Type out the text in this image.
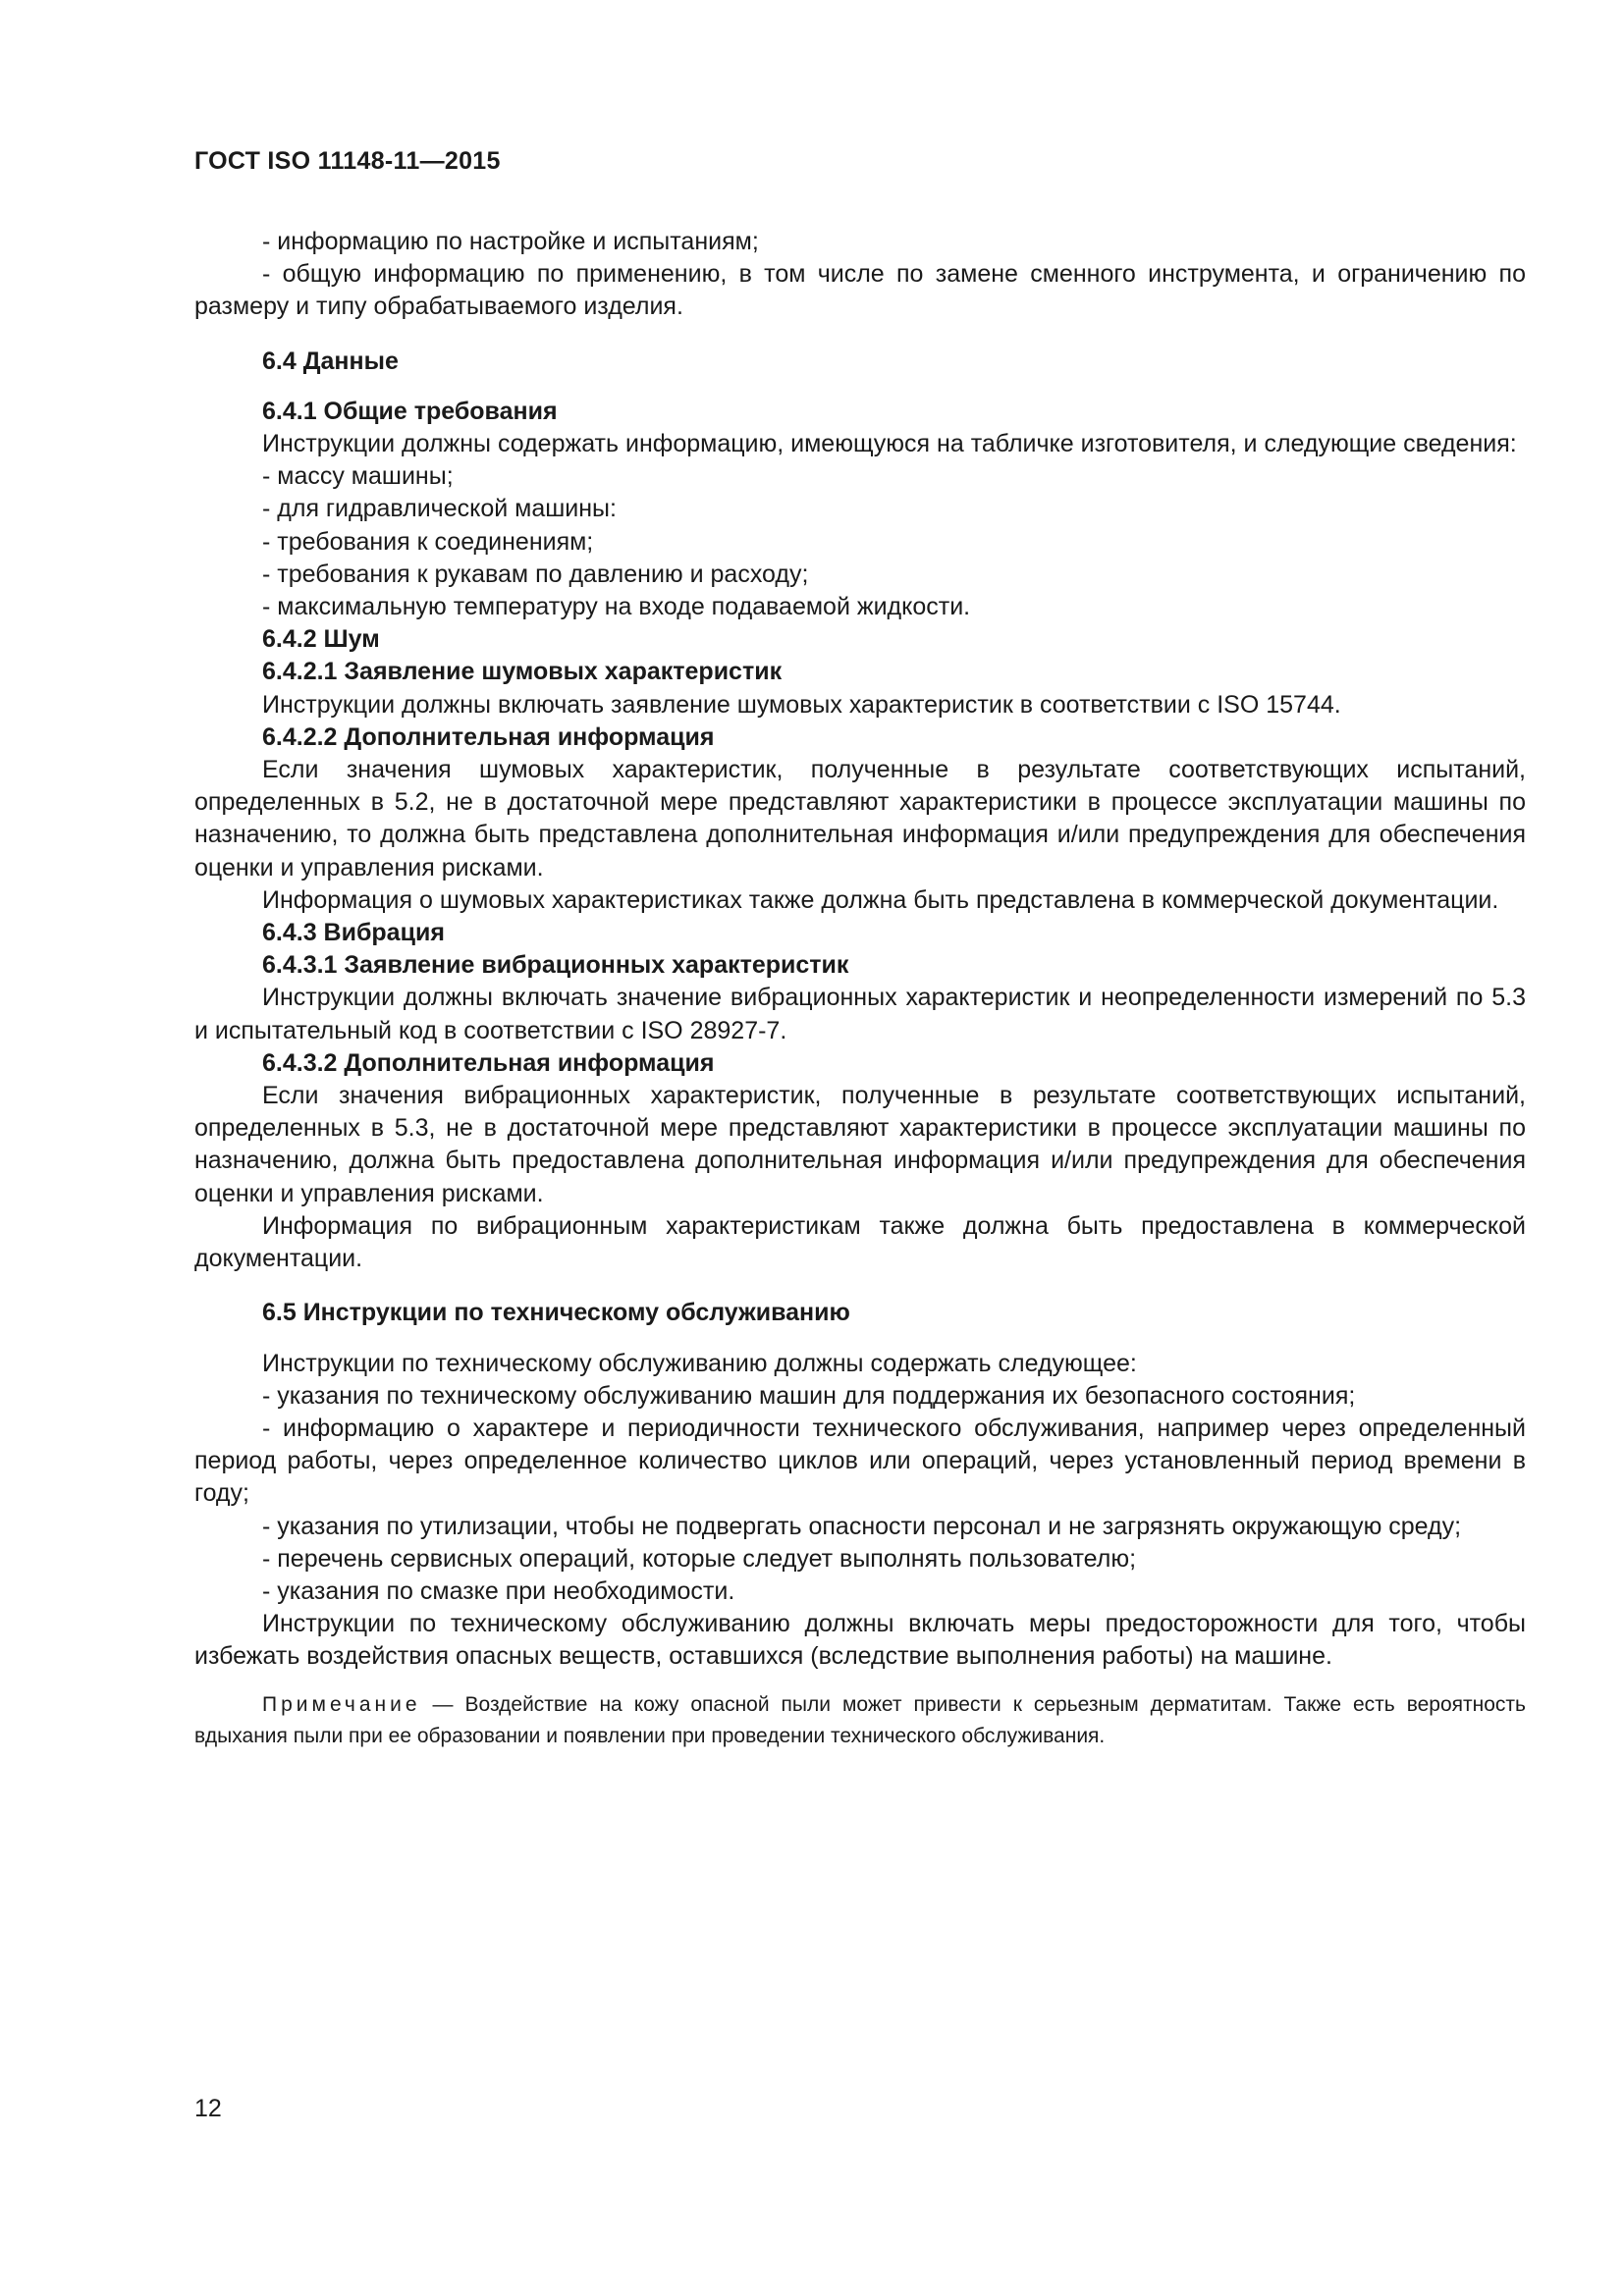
ГОСТ ISO 11148-11—2015

- информацию по настройке и испытаниям;

- общую информацию по применению, в том числе по замене сменного инструмента, и ограничению по размеру и типу обрабатываемого изделия.

6.4 Данные

6.4.1 Общие требования

Инструкции должны содержать информацию, имеющуюся на табличке изготовителя, и следующие сведения:

- массу машины;

- для гидравлической машины:

- требования к соединениям;

- требования к рукавам по давлению и расходу;

- максимальную температуру на входе подаваемой жидкости.

6.4.2 Шум

6.4.2.1 Заявление шумовых характеристик

Инструкции должны включать заявление шумовых характеристик в соответствии с ISO 15744.

6.4.2.2 Дополнительная информация

Если значения шумовых характеристик, полученные в результате соответствующих испытаний, определенных в 5.2, не в достаточной мере представляют характеристики в процессе эксплуатации машины по назначению, то должна быть представлена дополнительная информация и/или предупреждения для обеспечения оценки и управления рисками.

Информация о шумовых характеристиках также должна быть представлена в коммерческой документации.

6.4.3 Вибрация

6.4.3.1 Заявление вибрационных характеристик

Инструкции должны включать значение вибрационных характеристик и неопределенности измерений по 5.3 и испытательный код в соответствии с ISO 28927-7.

6.4.3.2 Дополнительная информация

Если значения вибрационных характеристик, полученные в результате соответствующих испытаний, определенных в 5.3, не в достаточной мере представляют характеристики в процессе эксплуатации машины по назначению, должна быть предоставлена дополнительная информация и/или предупреждения для обеспечения оценки и управления рисками.

Информация по вибрационным характеристикам также должна быть предоставлена в коммерческой документации.

6.5 Инструкции по техническому обслуживанию

Инструкции по техническому обслуживанию должны содержать следующее:

- указания по техническому обслуживанию машин для поддержания их безопасного состояния;

- информацию о характере и периодичности технического обслуживания, например через определенный период работы, через определенное количество циклов или операций, через установленный период времени в году;

- указания по утилизации, чтобы не подвергать опасности персонал и не загрязнять окружающую среду;

- перечень сервисных операций, которые следует выполнять пользователю;

- указания по смазке при необходимости.

Инструкции по техническому обслуживанию должны включать меры предосторожности для того, чтобы избежать воздействия опасных веществ, оставшихся (вследствие выполнения работы) на машине.

Примечание — Воздействие на кожу опасной пыли может привести к серьезным дерматитам. Также есть вероятность вдыхания пыли при ее образовании и появлении при проведении технического обслуживания.

12
